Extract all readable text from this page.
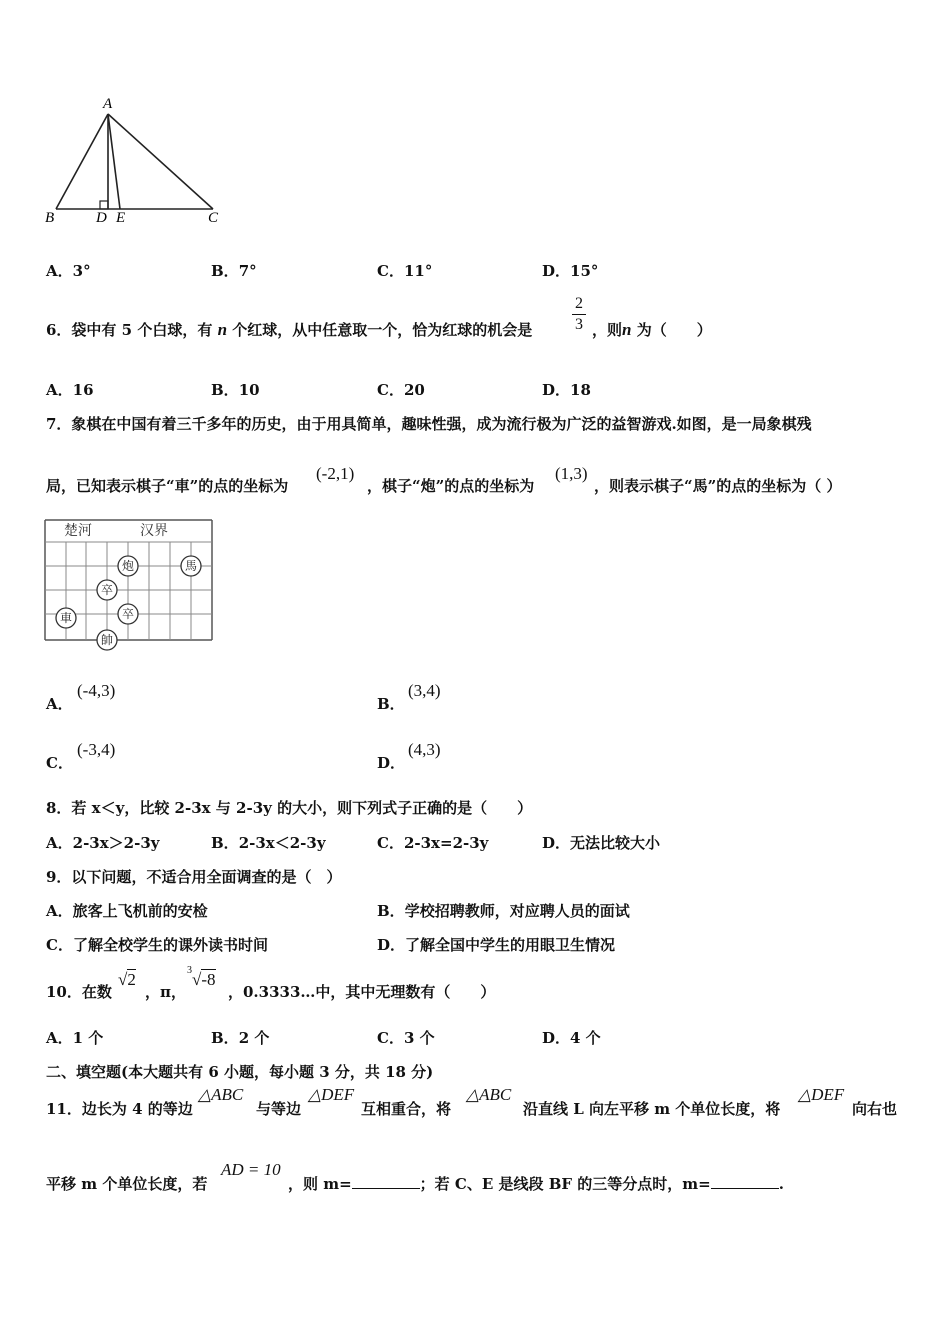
A
B	D E	C
A．3°	B．7°	C．11°	D．15°
6．袋中有 5 个白球，有 n 个红球，从中任意取一个，恰为红球的机会是
2
3 ，则n 为（　　）
A．16	B．10	C．20	D．18
7．象棋在中国有着三千多年的历史，由于用具简单，趣味性强，成为流行极为广泛的益智游戏.如图，是一局象棋残
局，已知表示棋子“車”的点的坐标为
(-2,1)
，棋子“炮”的点的坐标为
(1,3)
，则表示棋子“馬”的点的坐标为（ ）
楚河	汉界
炮	馬
卒
卒
車
帥
A．
(-4,3)
B．
(3,4)
C．
(-3,4)
D．
(4,3)
8．若 x＜y，比较 2-3x 与 2-3y 的大小，则下列式子正确的是（　　）
A．2-3x＞2-3y	B．2-3x＜2-3y	C．2-3x=2-3y	D．无法比较大小
9．以下问题，不适合用全面调查的是（　）
A．旅客上飞机前的安检	B．学校招聘教师，对应聘人员的面试
C．了解全校学生的课外读书时间	D．了解全国中学生的用眼卫生情况
10．在数
√2
，π，
3 √-8
，0.3333…中，其中无理数有（　　）
A．1 个	B．2 个	C．3 个	D．4 个
二、填空题(本大题共有 6 小题，每小题 3 分，共 18 分)
11．边长为 4 的等边
△ABC
与等边
△DEF
互相重合，将
△ABC
沿直线 L 向左平移 m 个单位长度，将
△DEF
向右也
平移 m 个单位长度，若
AD = 10
，则 m=	；若 C、E 是线段 BF 的三等分点时，m=	.
